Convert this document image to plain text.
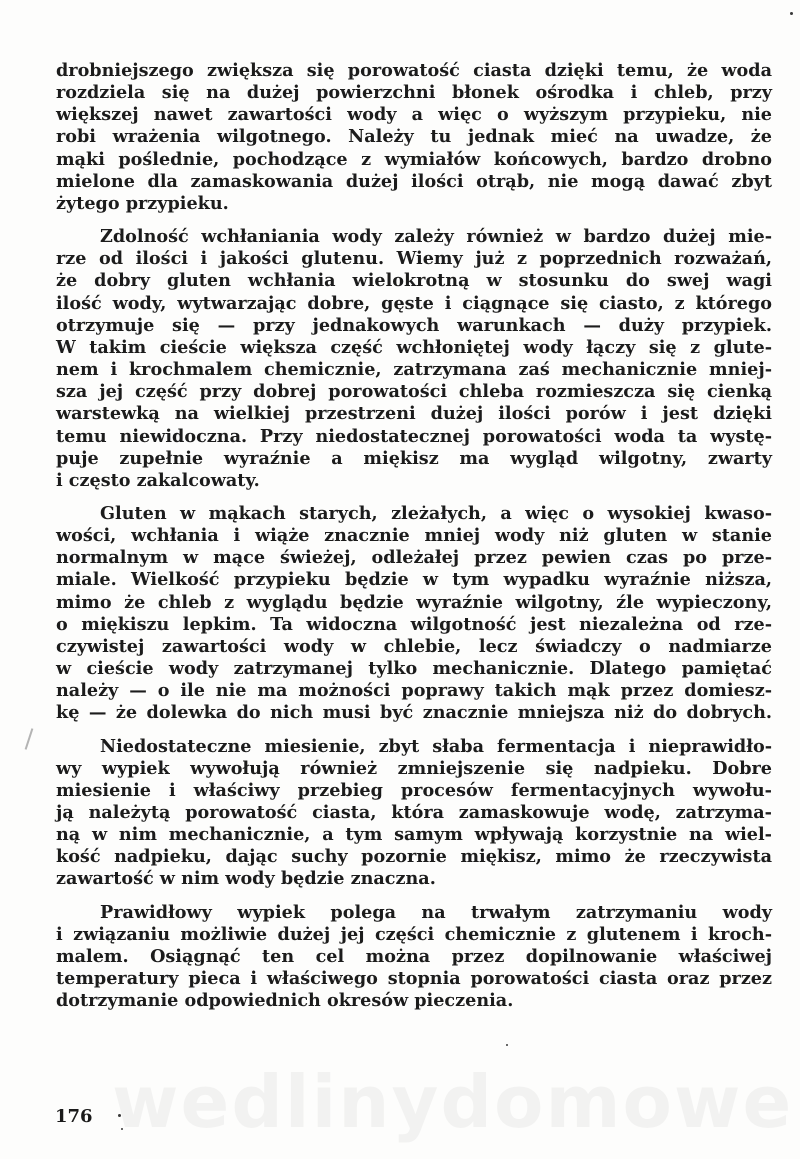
drobniejszego zwiększa się porowatość ciasta dzięki temu, że woda
rozdziela się na dużej powierzchni błonek ośrodka i chleb, przy
większej nawet zawartości wody a więc o wyższym przypieku, nie
robi wrażenia wilgotnego. Należy tu jednak mieć na uwadze, że
mąki poślednie, pochodzące z wymiałów końcowych, bardzo drobno
mielone dla zamaskowania dużej ilości otrąb, nie mogą dawać zbyt
żytego przypieku.
Zdolność wchłaniania wody zależy również w bardzo dużej mie-
rze od ilości i jakości glutenu. Wiemy już z poprzednich rozważań,
że dobry gluten wchłania wielokrotną w stosunku do swej wagi
ilość wody, wytwarzając dobre, gęste i ciągnące się ciasto, z którego
otrzymuje się — przy jednakowych warunkach — duży przypiek.
W takim cieście większa część wchłoniętej wody łączy się z glute-
nem i krochmalem chemicznie, zatrzymana zaś mechanicznie mniej-
sza jej część przy dobrej porowatości chleba rozmieszcza się cienką
warstewką na wielkiej przestrzeni dużej ilości porów i jest dzięki
temu niewidoczna. Przy niedostatecznej porowatości woda ta wystę-
puje zupełnie wyraźnie a miękisz ma wygląd wilgotny, zwarty
i często zakalcowaty.
Gluten w mąkach starych, zleżałych, a więc o wysokiej kwaso-
wości, wchłania i wiąże znacznie mniej wody niż gluten w stanie
normalnym w mące świeżej, odleżałej przez pewien czas po prze-
miale. Wielkość przypieku będzie w tym wypadku wyraźnie niższa,
mimo że chleb z wyglądu będzie wyraźnie wilgotny, źle wypieczony,
o miękiszu lepkim. Ta widoczna wilgotność jest niezależna od rze-
czywistej zawartości wody w chlebie, lecz świadczy o nadmiarze
w cieście wody zatrzymanej tylko mechanicznie. Dlatego pamiętać
należy — o ile nie ma możności poprawy takich mąk przez domiesz-
kę — że dolewka do nich musi być znacznie mniejsza niż do dobrych.
Niedostateczne miesienie, zbyt słaba fermentacja i nieprawidło-
wy wypiek wywołują również zmniejszenie się nadpieku. Dobre
miesienie i właściwy przebieg procesów fermentacyjnych wywołu-
ją należytą porowatość ciasta, która zamaskowuje wodę, zatrzyma-
ną w nim mechanicznie, a tym samym wpływają korzystnie na wiel-
kość nadpieku, dając suchy pozornie miękisz, mimo że rzeczywista
zawartość w nim wody będzie znaczna.
Prawidłowy wypiek polega na trwałym zatrzymaniu wody
i związaniu możliwie dużej jej części chemicznie z glutenem i kroch-
malem. Osiągnąć ten cel można przez dopilnowanie właściwej
temperatury pieca i właściwego stopnia porowatości ciasta oraz przez
dotrzymanie odpowiednich okresów pieczenia.
176
